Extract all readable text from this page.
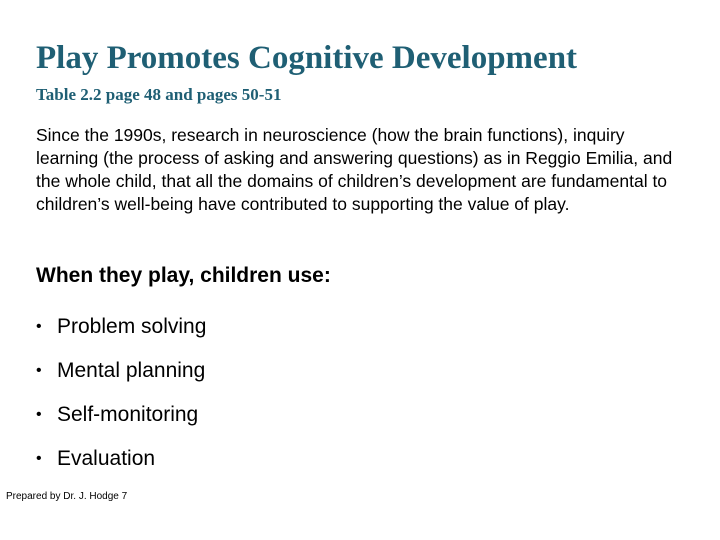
Play Promotes Cognitive Development
Table 2.2 page 48 and pages 50-51

Since the 1990s, research in neuroscience (how the brain functions), inquiry learning (the process of asking and answering questions) as in Reggio Emilia, and the whole child, that all the domains of children’s development are fundamental to children’s well-being have contributed to supporting the value of play.

When they play, children use:

• Problem solving
• Mental planning
• Self-monitoring
• Evaluation

Prepared by Dr. J. Hodge 7
